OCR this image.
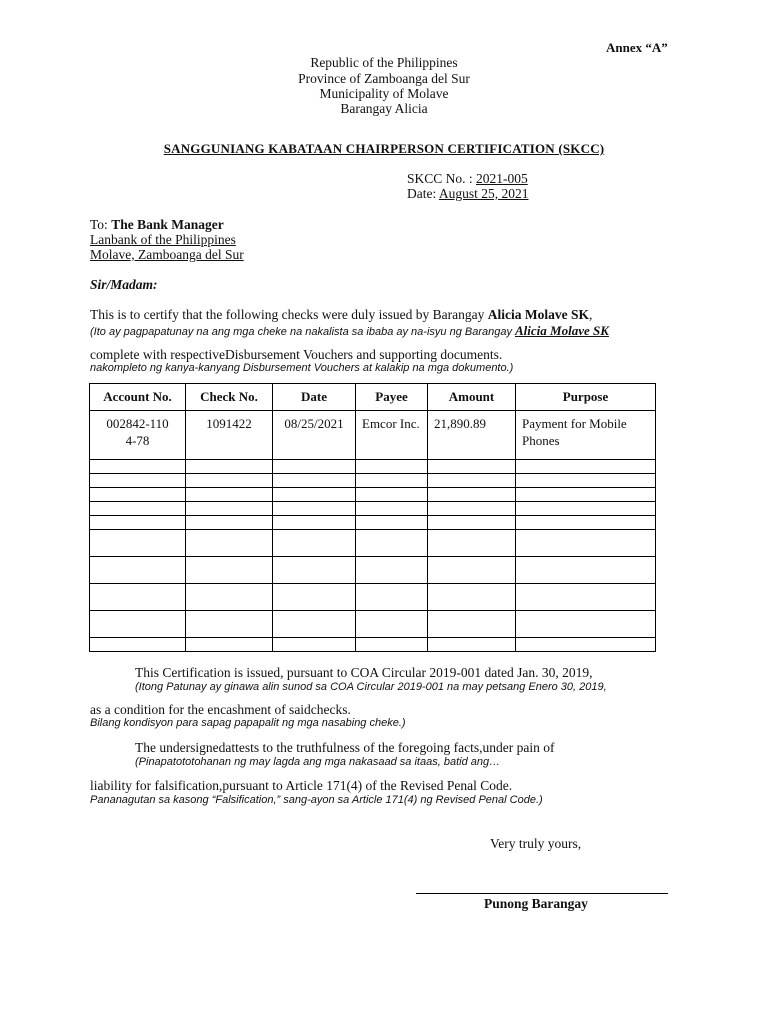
Annex “A”
Republic of the Philippines
Province of Zamboanga del Sur
Municipality of Molave
Barangay Alicia
SANGGUNIANG KABATAAN CHAIRPERSON CERTIFICATION (SKCC)
SKCC No. : 2021-005
Date: August 25, 2021
To: The Bank Manager
Lanbank of the Philippines
Molave, Zamboanga del Sur
Sir/Madam:
This is to certify that the following checks were duly issued by Barangay Alicia Molave SK,
(Ito ay pagpapatunay na ang mga cheke na nakalista sa ibaba ay na-isyu ng Barangay Alicia Molave SK
complete with respectiveDisbursement Vouchers and supporting documents.
nakompleto ng kanya-kanyang Disbursement Vouchers at kalakip na mga dokumento.)
Account No.	Check No.	Date	Payee	Amount	Purpose
002842-1104-78	1091422	08/25/2021	Emcor Inc.	21,890.89	Payment for Mobile Phones

This Certification is issued, pursuant to COA Circular 2019-001 dated Jan. 30, 2019,
(Itong Patunay ay ginawa alin sunod sa COA Circular 2019-001 na may petsang Enero 30, 2019,
as a condition for the encashment of saidchecks.
Bilang kondisyon para sapag papapalit ng mga nasabing cheke.)
The undersignedattests to the truthfulness of the foregoing facts,under pain of
(Pinapatototohanan ng may lagda ang mga nakasaad sa itaas, batid ang…
liability for falsification,pursuant to Article 171(4) of the Revised Penal Code.
Pananagutan sa kasong “Falsification,” sang-ayon sa Article 171(4) ng Revised Penal Code.)
Very truly yours,
Punong Barangay
